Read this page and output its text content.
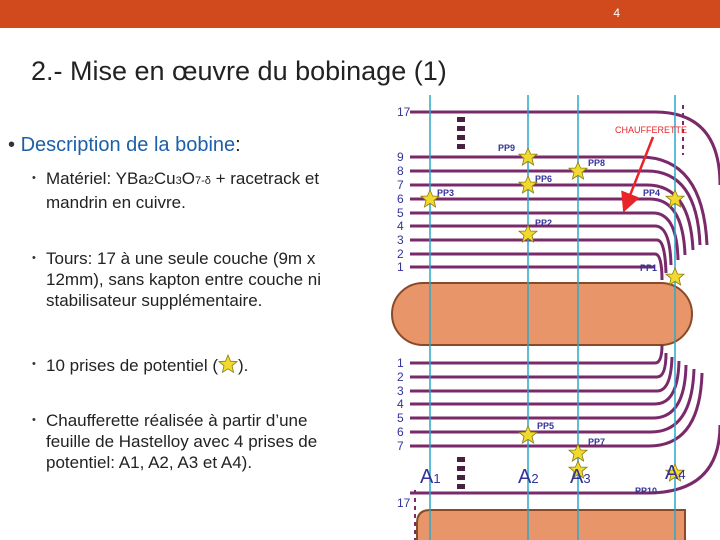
4
2.- Mise en œuvre du bobinage (1)
• Description de la bobine:
• Matériel: YBa2Cu3O7-δ + racetrack et
mandrin en cuivre.
• Tours: 17 à une seule couche (9m x
12mm), sans kapton entre couche ni
stabilisateur supplémentaire.
• 10 prises de potentiel ( ).
• Chaufferette réalisée à partir d’une
feuille de Hastelloy avec 4 prises de
potentiel: A1, A2, A3 et A4).
17
9
8
7
6
5
4
3
2
1
1
2
3
4
5
6
7
17
CHAUFFERETTE
PP9
PP8
PP6
PP3	PP4
PP2
PP1
PP5
PP7
PP10
A1	A2 A3	A4
